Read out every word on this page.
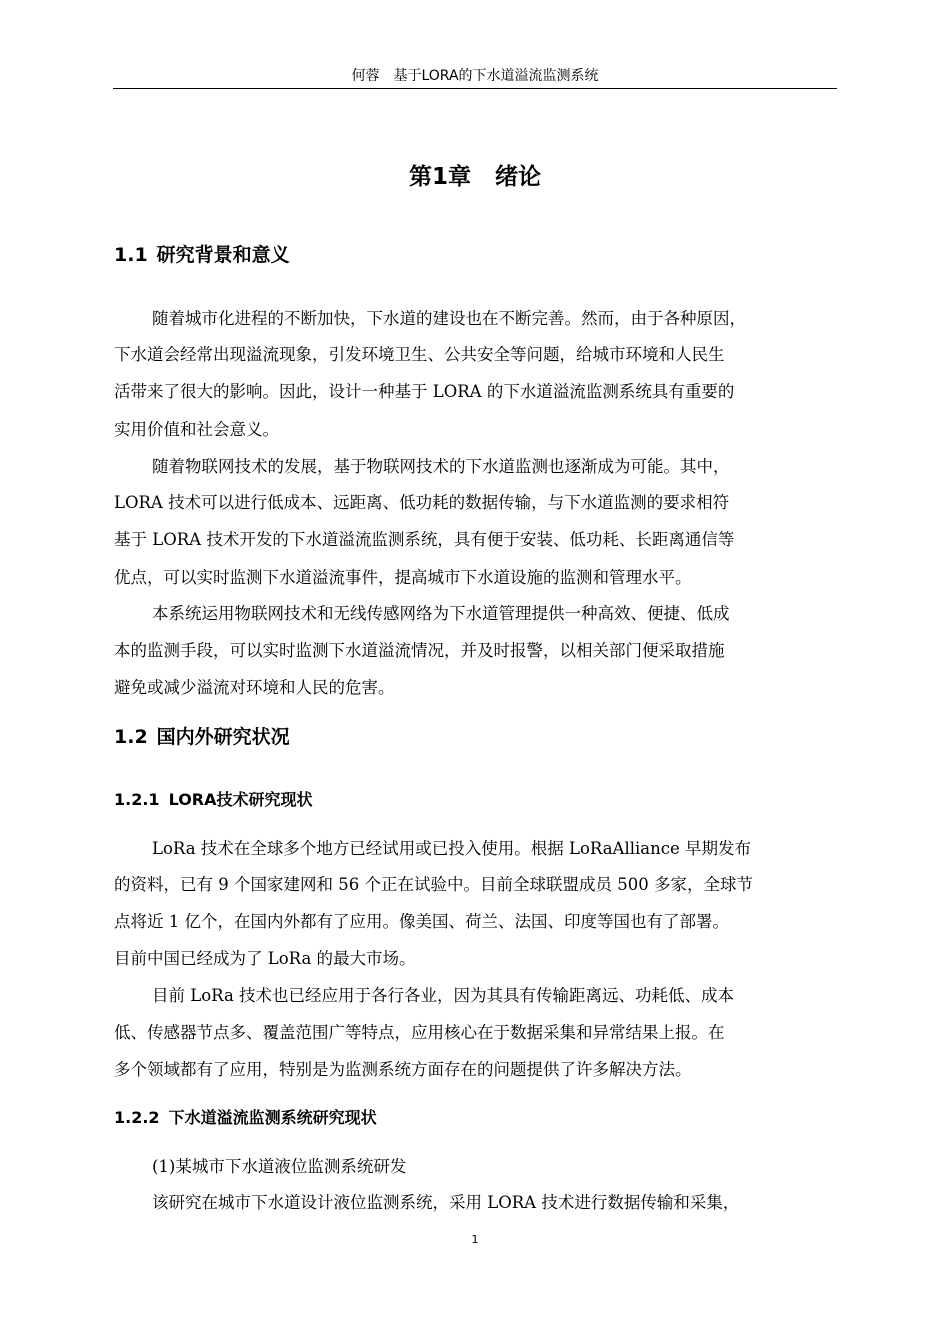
何蓉 基于LORA的下水道溢流监测系统
第1章 绪论
1.1 研究背景和意义
随着城市化进程的不断加快，下水道的建设也在不断完善。然而，由于各种原因，
下水道会经常出现溢流现象，引发环境卫生、公共安全等问题，给城市环境和人民生
活带来了很大的影响。因此，设计一种基于 LORA 的下水道溢流监测系统具有重要的
实用价值和社会意义。
随着物联网技术的发展，基于物联网技术的下水道监测也逐渐成为可能。其中，
LORA 技术可以进行低成本、远距离、低功耗的数据传输，与下水道监测的要求相符
基于 LORA 技术开发的下水道溢流监测系统，具有便于安装、低功耗、长距离通信等
优点，可以实时监测下水道溢流事件，提高城市下水道设施的监测和管理水平。
本系统运用物联网技术和无线传感网络为下水道管理提供一种高效、便捷、低成
本的监测手段，可以实时监测下水道溢流情况，并及时报警，以相关部门便采取措施
避免或减少溢流对环境和人民的危害。
1.2 国内外研究状况
1.2.1 LORA技术研究现状
LoRa 技术在全球多个地方已经试用或已投入使用。根据 LoRaAlliance 早期发布
的资料，已有 9 个国家建网和 56 个正在试验中。目前全球联盟成员 500 多家，全球节
点将近 1 亿个，在国内外都有了应用。像美国、荷兰、法国、印度等国也有了部署。
目前中国已经成为了 LoRa 的最大市场。
目前 LoRa 技术也已经应用于各行各业，因为其具有传输距离远、功耗低、成本
低、传感器节点多、覆盖范围广等特点，应用核心在于数据采集和异常结果上报。在
多个领域都有了应用，特别是为监测系统方面存在的问题提供了许多解决方法。
1.2.2 下水道溢流监测系统研究现状
(1)某城市下水道液位监测系统研发
该研究在城市下水道设计液位监测系统，采用 LORA 技术进行数据传输和采集，
1
